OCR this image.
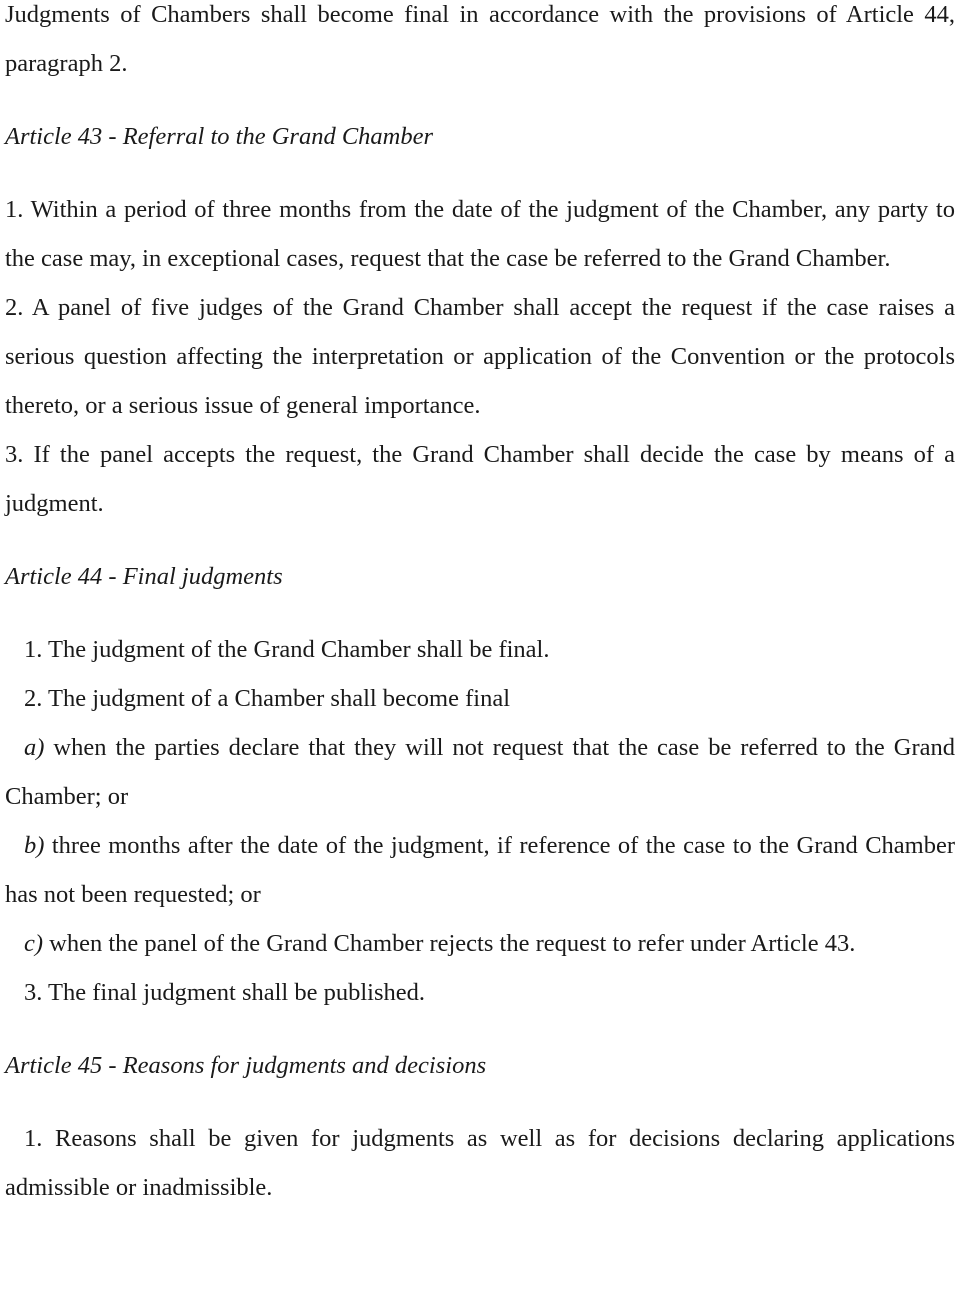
Judgments of Chambers shall become final in accordance with the provisions of Article 44, paragraph 2.

Article 43 - Referral to the Grand Chamber

1. Within a period of three months from the date of the judgment of the Chamber, any party to the case may, in exceptional cases, request that the case be referred to the Grand Chamber.

2. A panel of five judges of the Grand Chamber shall accept the request if the case raises a serious question affecting the interpretation or application of the Convention or the protocols thereto, or a serious issue of general importance.

3. If the panel accepts the request, the Grand Chamber shall decide the case by means of a judgment.

Article 44 - Final judgments

1. The judgment of the Grand Chamber shall be final.

2. The judgment of a Chamber shall become final

a) when the parties declare that they will not request that the case be referred to the Grand Chamber; or

b) three months after the date of the judgment, if reference of the case to the Grand Chamber has not been requested; or

c) when the panel of the Grand Chamber rejects the request to refer under Article 43.

3. The final judgment shall be published.

Article 45 - Reasons for judgments and decisions

1. Reasons shall be given for judgments as well as for decisions declaring applications admissible or inadmissible.
